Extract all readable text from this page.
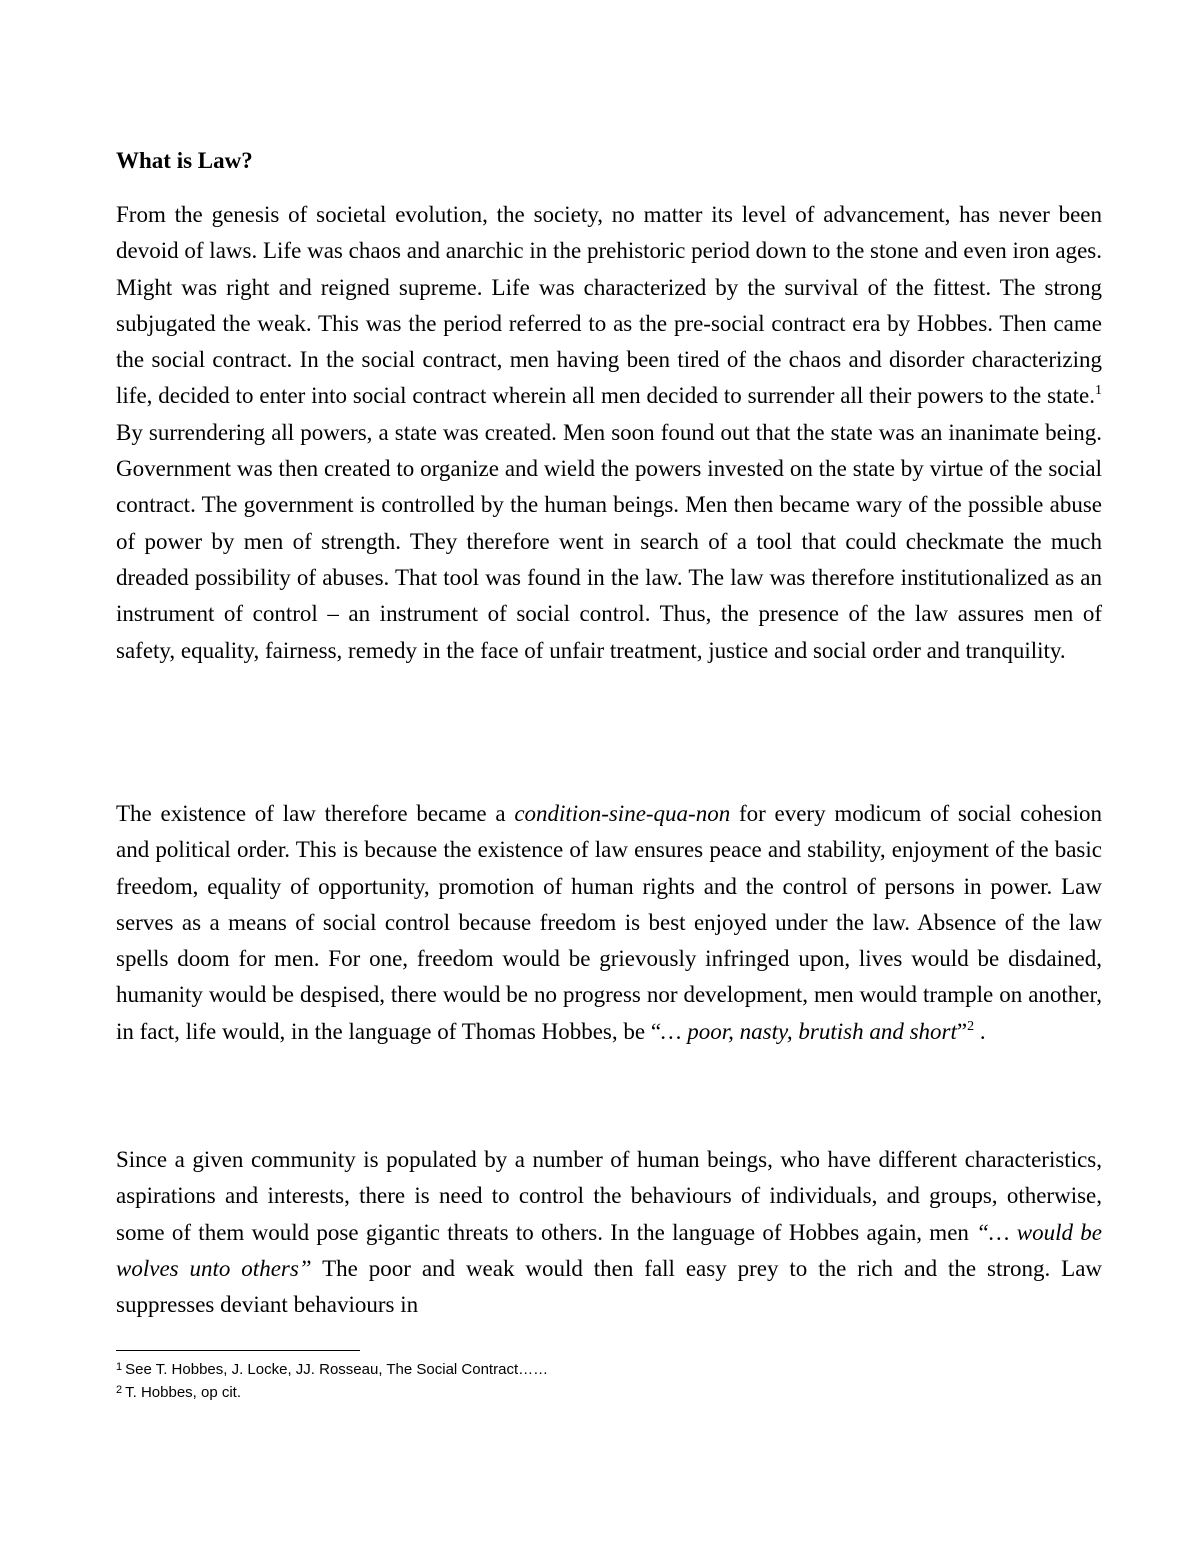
What is Law?

From the genesis of societal evolution, the society, no matter its level of advancement, has never been devoid of laws. Life was chaos and anarchic in the prehistoric period down to the stone and even iron ages. Might was right and reigned supreme. Life was characterized by the survival of the fittest. The strong subjugated the weak. This was the period referred to as the pre-social contract era by Hobbes. Then came the social contract. In the social contract, men having been tired of the chaos and disorder characterizing life, decided to enter into social contract wherein all men decided to surrender all their powers to the state.$^1$ By surrendering all powers, a state was created. Men soon found out that the state was an inanimate being. Government was then created to organize and wield the powers invested on the state by virtue of the social contract. The government is controlled by the human beings. Men then became wary of the possible abuse of power by men of strength. They therefore went in search of a tool that could checkmate the much dreaded possibility of abuses. That tool was found in the law. The law was therefore institutionalized as an instrument of control – an instrument of social control. Thus, the presence of the law assures men of safety, equality, fairness, remedy in the face of unfair treatment, justice and social order and tranquility.

The existence of law therefore became a condition-sine-qua-non for every modicum of social cohesion and political order. This is because the existence of law ensures peace and stability, enjoyment of the basic freedom, equality of opportunity, promotion of human rights and the control of persons in power. Law serves as a means of social control because freedom is best enjoyed under the law. Absence of the law spells doom for men. For one, freedom would be grievously infringed upon, lives would be disdained, humanity would be despised, there would be no progress nor development, men would trample on another, in fact, life would, in the language of Thomas Hobbes, be “… poor, nasty, brutish and short”$^2$ .

Since a given community is populated by a number of human beings, who have different characteristics, aspirations and interests, there is need to control the behaviours of individuals, and groups, otherwise, some of them would pose gigantic threats to others. In the language of Hobbes again, men “… would be wolves unto others” The poor and weak would then fall easy prey to the rich and the strong. Law suppresses deviant behaviours in

$^1$ See T. Hobbes, J. Locke, JJ. Rosseau, The Social Contract……
$^2$ T. Hobbes, op cit.
